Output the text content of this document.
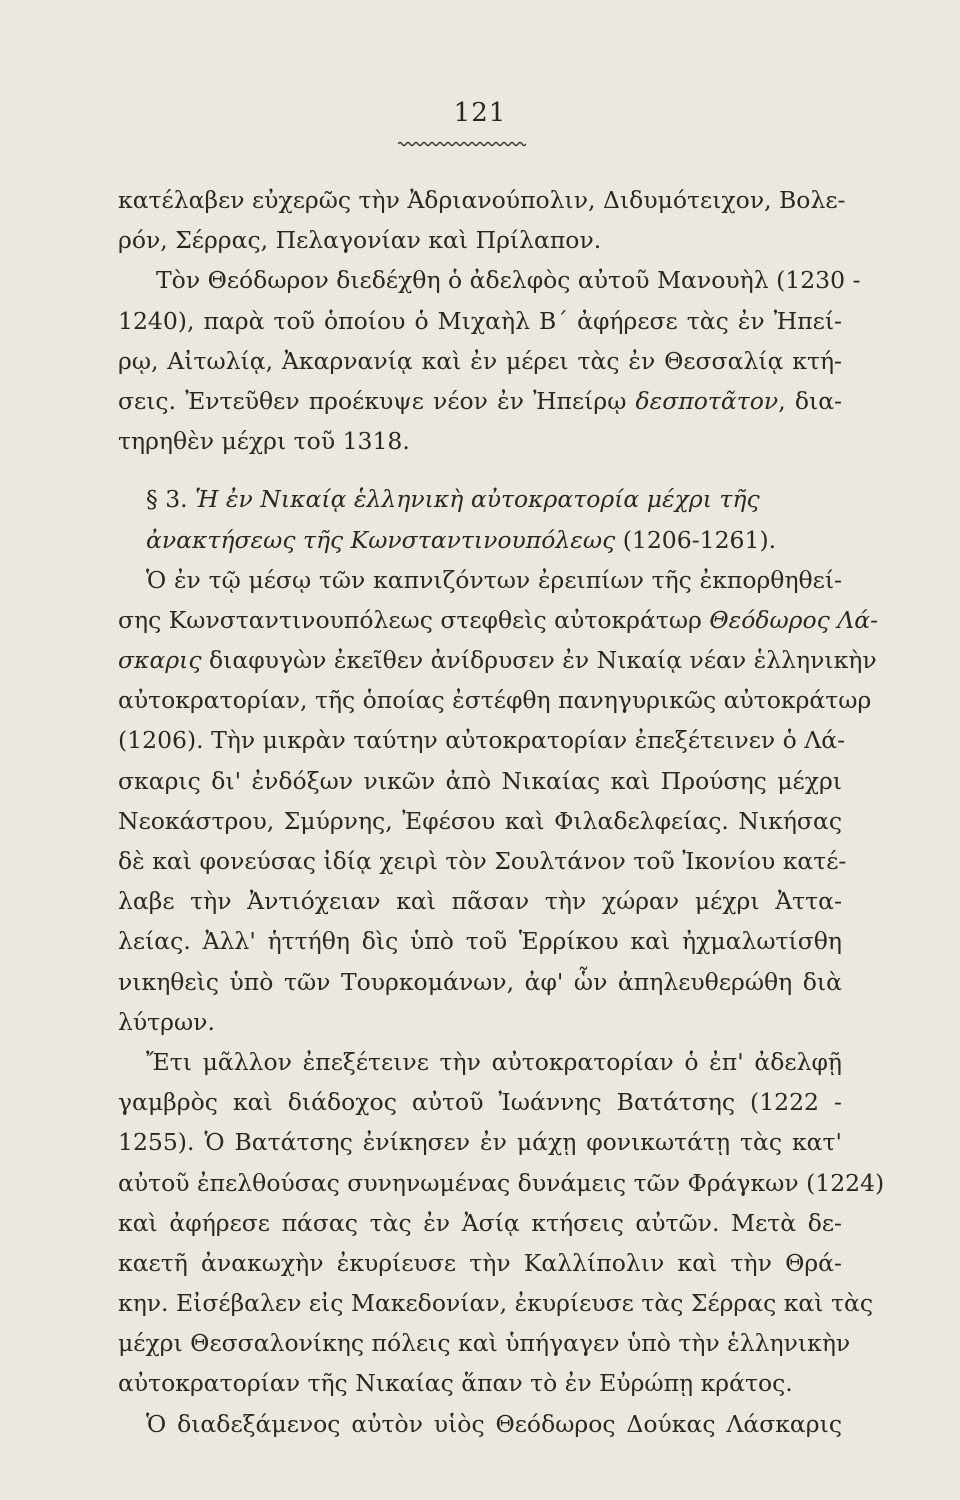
121
κατέλαβεν εὐχερῶς τὴν Ἀδριανούπολιν, Διδυμότειχον, Βολε-
ρόν, Σέρρας, Πελαγονίαν καὶ Πρίλαπον.
Τὸν Θεόδωρον διεδέχθη ὁ ἀδελφὸς αὐτοῦ Μανουὴλ (1230 -
1240), παρὰ τοῦ ὁποίου ὁ Μιχαὴλ Β΄ ἀφήρεσε τὰς ἐν Ἠπεί-
ρῳ, Αἰτωλίᾳ, Ἀκαρνανίᾳ καὶ ἐν μέρει τὰς ἐν Θεσσαλίᾳ κτή-
σεις. Ἐντεῦθεν προέκυψε νέον ἐν Ἠπείρῳ δεσποτᾶτον, δια-
τηρηθὲν μέχρι τοῦ 1318.
§ 3. Ἡ ἐν Νικαίᾳ ἑλληνικὴ αὐτοκρατορία μέχρι τῆς
ἀνακτήσεως τῆς Κωνσταντινουπόλεως (1206-1261).
Ὁ ἐν τῷ μέσῳ τῶν καπνιζόντων ἐρειπίων τῆς ἐκπορθηθεί-
σης Κωνσταντινουπόλεως στεφθεὶς αὐτοκράτωρ Θεόδωρος Λά-
σκαρις διαφυγὼν ἐκεῖθεν ἀνίδρυσεν ἐν Νικαίᾳ νέαν ἑλληνικὴν
αὐτοκρατορίαν, τῆς ὁποίας ἐστέφθη πανηγυρικῶς αὐτοκράτωρ
(1206). Τὴν μικρὰν ταύτην αὐτοκρατορίαν ἐπεξέτεινεν ὁ Λά-
σκαρις δι' ἐνδόξων νικῶν ἀπὸ Νικαίας καὶ Προύσης μέχρι
Νεοκάστρου, Σμύρνης, Ἐφέσου καὶ Φιλαδελφείας. Νικήσας
δὲ καὶ φονεύσας ἰδίᾳ χειρὶ τὸν Σουλτάνον τοῦ Ἰκονίου κατέ-
λαβε τὴν Ἀντιόχειαν καὶ πᾶσαν τὴν χώραν μέχρι Ἀττα-
λείας. Ἀλλ' ἡττήθη δὶς ὑπὸ τοῦ Ἑρρίκου καὶ ἠχμαλωτίσθη
νικηθεὶς ὑπὸ τῶν Τουρκομάνων, ἀφ' ὧν ἀπηλευθερώθη διὰ
λύτρων.
Ἔτι μᾶλλον ἐπεξέτεινε τὴν αὐτοκρατορίαν ὁ ἐπ' ἀδελφῇ
γαμβρὸς καὶ διάδοχος αὐτοῦ Ἰωάννης Βατάτσης (1222 -
1255). Ὁ Βατάτσης ἐνίκησεν ἐν μάχῃ φονικωτάτῃ τὰς κατ'
αὐτοῦ ἐπελθούσας συνηνωμένας δυνάμεις τῶν Φράγκων (1224)
καὶ ἀφήρεσε πάσας τὰς ἐν Ἀσίᾳ κτήσεις αὐτῶν. Μετὰ δε-
καετῆ ἀνακωχὴν ἐκυρίευσε τὴν Καλλίπολιν καὶ τὴν Θρά-
κην. Εἰσέβαλεν εἰς Μακεδονίαν, ἐκυρίευσε τὰς Σέρρας καὶ τὰς
μέχρι Θεσσαλονίκης πόλεις καὶ ὑπήγαγεν ὑπὸ τὴν ἑλληνικὴν
αὐτοκρατορίαν τῆς Νικαίας ἅπαν τὸ ἐν Εὐρώπῃ κράτος.
Ὁ διαδεξάμενος αὐτὸν υἱὸς Θεόδωρος Δούκας Λάσκαρις
